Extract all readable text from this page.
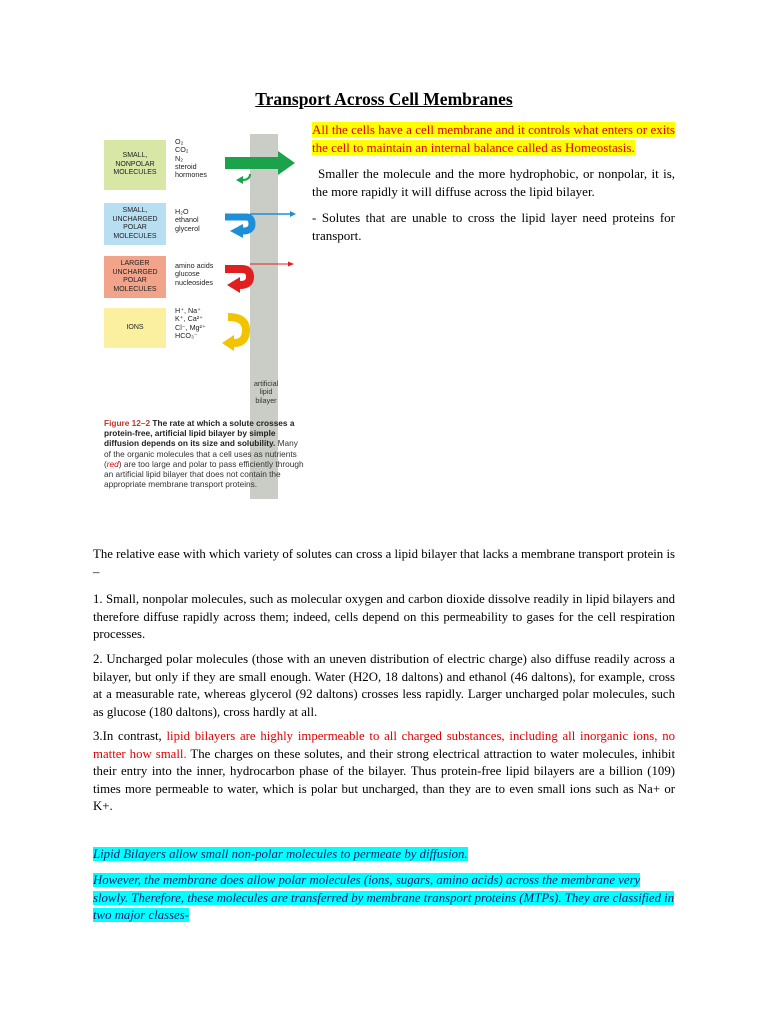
Transport Across Cell Membranes
SMALL,
NONPOLAR
MOLECULES
O₂
CO₂
N₂
steroid
hormones
SMALL,
UNCHARGED
POLAR
MOLECULES
H₂O
ethanol
glycerol
LARGER
UNCHARGED
POLAR
MOLECULES
amino acids
glucose
nucleosides
IONS
H⁺, Na⁺
K⁺, Ca²⁺
Cl⁻, Mg²⁺
HCO₃⁻
artificial
lipid
bilayer
Figure 12–2 The rate at which a solute crosses a protein-free, artificial lipid bilayer by simple diffusion depends on its size and solubility. Many of the organic molecules that a cell uses as nutrients (red) are too large and polar to pass efficiently through an artificial lipid bilayer that does not contain the appropriate membrane transport proteins.

All the cells have a cell membrane and it controls what enters or exits the cell to maintain an internal balance called as Homeostasis.

Smaller the molecule and the more hydrophobic, or nonpolar, it is, the more rapidly it will diffuse across the lipid bilayer.

- Solutes that are unable to cross the lipid layer need proteins for transport.

The relative ease with which variety of solutes can cross a lipid bilayer that lacks a membrane transport protein is –
1. Small, nonpolar molecules, such as molecular oxygen and carbon dioxide dissolve readily in lipid bilayers and therefore diffuse rapidly across them; indeed, cells depend on this permeability to gases for the cell respiration processes.
2. Uncharged polar molecules (those with an uneven distribution of electric charge) also diffuse readily across a bilayer, but only if they are small enough. Water (H2O, 18 daltons) and ethanol (46 daltons), for example, cross at a measurable rate, whereas glycerol (92 daltons) crosses less rapidly. Larger uncharged polar molecules, such as glucose (180 daltons), cross hardly at all.
3.In contrast, lipid bilayers are highly impermeable to all charged substances, including all inorganic ions, no matter how small. The charges on these solutes, and their strong electrical attraction to water molecules, inhibit their entry into the inner, hydrocarbon phase of the bilayer. Thus protein-free lipid bilayers are a billion (109) times more permeable to water, which is polar but uncharged, than they are to even small ions such as Na+ or K+.
Lipid Bilayers allow small non-polar molecules to permeate by diffusion.
However, the membrane does allow polar molecules (ions, sugars, amino acids) across the membrane very slowly. Therefore, these molecules are transferred by membrane transport proteins (MTPs). They are classified in two major classes-
